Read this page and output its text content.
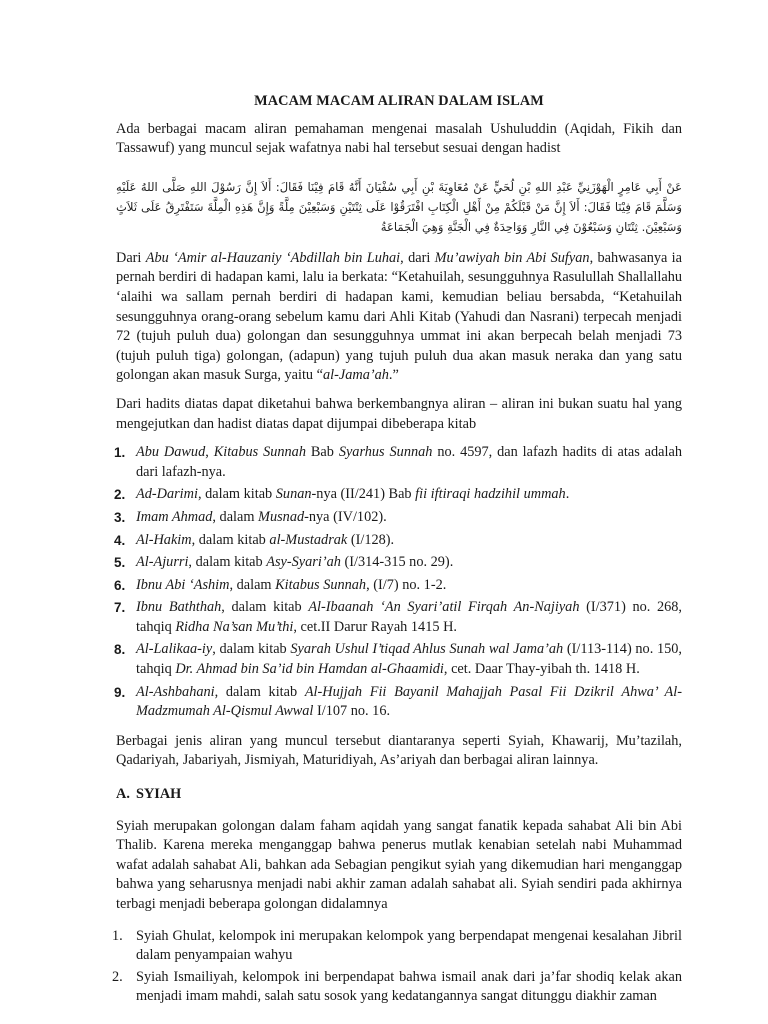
MACAM MACAM ALIRAN DALAM ISLAM

Ada berbagai macam aliran pemahaman mengenai masalah Ushuluddin (Aqidah, Fikih dan Tassawuf) yang muncul sejak wafatnya nabi hal tersebut sesuai dengan hadist

عَنْ أَبِي عَامِرٍ الْهَوْزَنِيِّ عَبْدِ اللهِ بْنِ لُحَيٍّ عَنْ مُعَاوِيَةَ بْنِ أَبِي سُفْيَانَ أَنَّهُ قَامَ فِيْنَا فَقَالَ: أَلاَ إِنَّ رَسُوْلَ اللهِ صَلَّى اللهُ عَلَيْهِ وَسَلَّمَ قَامَ فِيْنَا فَقَالَ: أَلاَ إِنَّ مَنْ قَبْلَكُمْ مِنْ أَهْلِ الْكِتَابِ افْتَرَقُوْا عَلَى ثِنْتَيْنِ وَسَبْعِيْنَ مِلَّةً وَإِنَّ هَذِهِ الْمِلَّةَ سَتَفْتَرِقُ عَلَى ثَلاَثٍ وَسَبْعِيْنَ. ثِنْتَانِ وَسَبْعُوْنَ فِي النَّارِ وَوَاحِدَةٌ فِي الْجَنَّةِ وَهِيَ الْجَمَاعَةُ

Dari Abu ‘Amir al-Hauzaniy ‘Abdillah bin Luhai, dari Mu’awiyah bin Abi Sufyan, bahwasanya ia pernah berdiri di hadapan kami, lalu ia berkata: “Ketahuilah, sesungguhnya Rasulullah Shallallahu ‘alaihi wa sallam pernah berdiri di hadapan kami, kemudian beliau bersabda, “Ketahuilah sesungguhnya orang-orang sebelum kamu dari Ahli Kitab (Yahudi dan Nasrani) terpecah menjadi 72 (tujuh puluh dua) golongan dan sesungguhnya ummat ini akan berpecah belah menjadi 73 (tujuh puluh tiga) golongan, (adapun) yang tujuh puluh dua akan masuk neraka dan yang satu golongan akan masuk Surga, yaitu “al-Jama’ah.”

Dari hadits diatas dapat diketahui bahwa berkembangnya aliran – aliran ini bukan suatu hal yang mengejutkan dan hadist diatas dapat dijumpai dibeberapa kitab

1. Abu Dawud, Kitabus Sunnah Bab Syarhus Sunnah no. 4597, dan lafazh hadits di atas adalah dari lafazh-nya.
2. Ad-Darimi, dalam kitab Sunan-nya (II/241) Bab fii iftiraqi hadzihil ummah.
3. Imam Ahmad, dalam Musnad-nya (IV/102).
4. Al-Hakim, dalam kitab al-Mustadrak (I/128).
5. Al-Ajurri, dalam kitab Asy-Syari’ah (I/314-315 no. 29).
6. Ibnu Abi ‘Ashim, dalam Kitabus Sunnah, (I/7) no. 1-2.
7. Ibnu Baththah, dalam kitab Al-Ibaanah ‘An Syari’atil Firqah An-Najiyah (I/371) no. 268, tahqiq Ridha Na’san Mu’thi, cet.II Darur Rayah 1415 H.
8. Al-Lalikaa-iy, dalam kitab Syarah Ushul I’tiqad Ahlus Sunah wal Jama’ah (I/113-114) no. 150, tahqiq Dr. Ahmad bin Sa’id bin Hamdan al-Ghaamidi, cet. Daar Thay-yibah th. 1418 H.
9. Al-Ashbahani, dalam kitab Al-Hujjah Fii Bayanil Mahajjah Pasal Fii Dzikril Ahwa’ Al-Madzmumah Al-Qismul Awwal I/107 no. 16.

Berbagai jenis aliran yang muncul tersebut diantaranya seperti Syiah, Khawarij, Mu’tazilah, Qadariyah, Jabariyah, Jismiyah, Maturidiyah, As’ariyah dan berbagai aliran lainnya.

A. SYIAH

Syiah merupakan golongan dalam faham aqidah yang sangat fanatik kepada sahabat Ali bin Abi Thalib. Karena mereka menganggap bahwa penerus mutlak kenabian setelah nabi Muhammad wafat adalah sahabat Ali, bahkan ada Sebagian pengikut syiah yang dikemudian hari menganggap bahwa yang seharusnya menjadi nabi akhir zaman adalah sahabat ali. Syiah sendiri pada akhirnya terbagi menjadi beberapa golongan didalamnya

1. Syiah Ghulat, kelompok ini merupakan kelompok yang berpendapat mengenai kesalahan Jibril dalam penyampaian wahyu
2. Syiah Ismailiyah, kelompok ini berpendapat bahwa ismail anak dari ja’far shodiq kelak akan menjadi imam mahdi, salah satu sosok yang kedatangannya sangat ditunggu diakhir zaman
